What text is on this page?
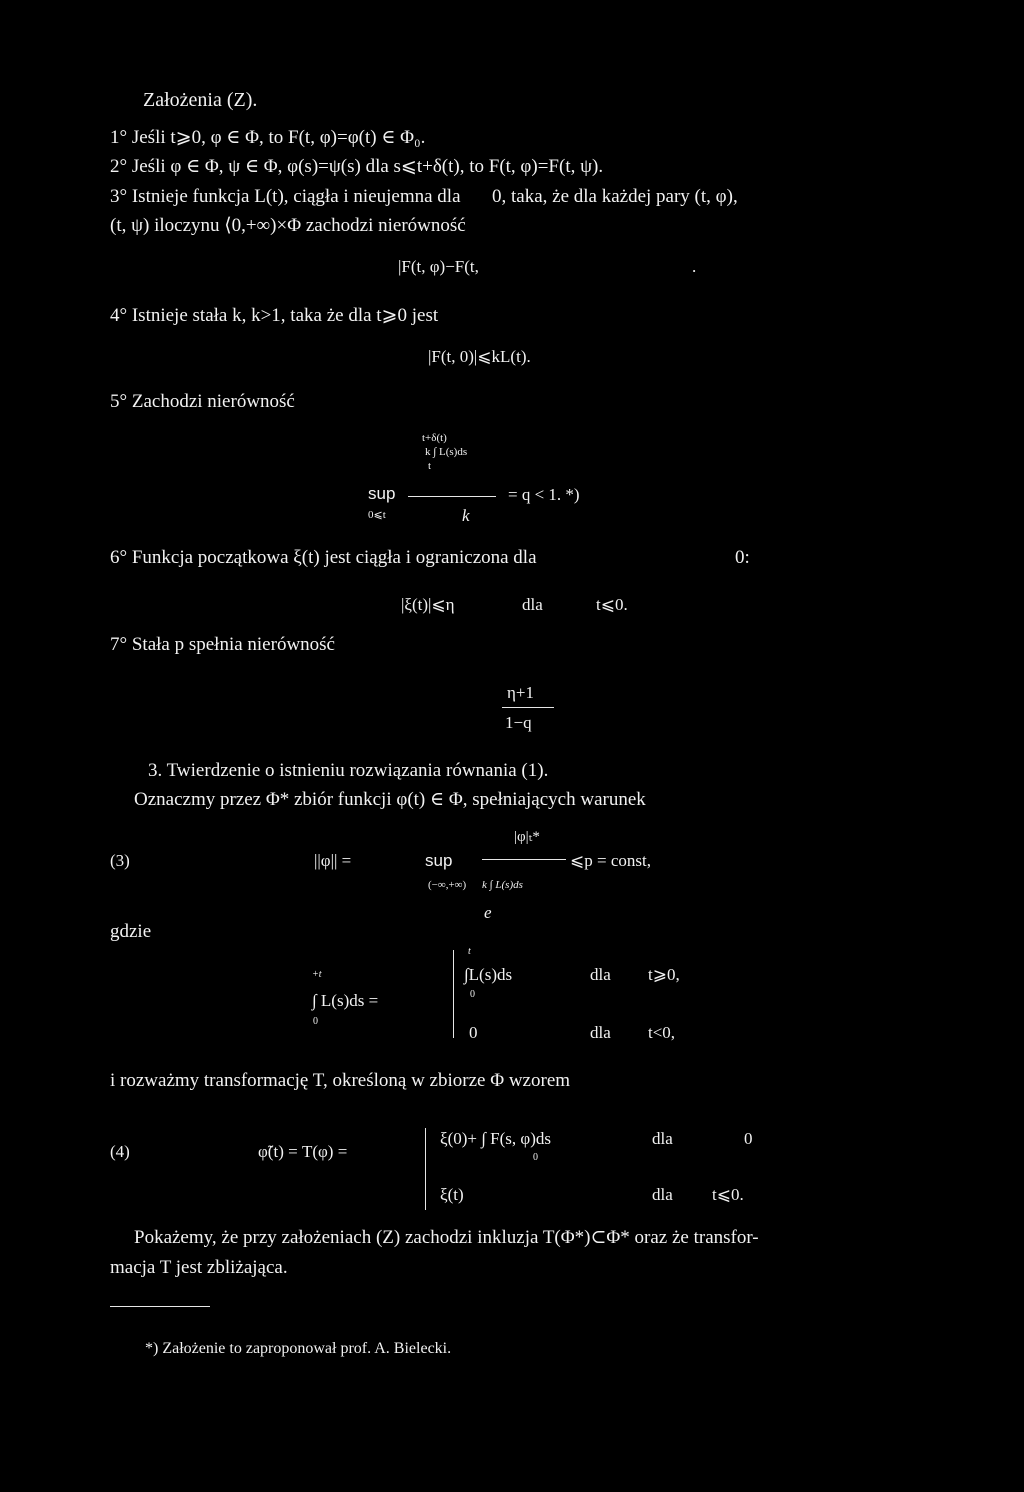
Założenia (Z).
1° Jeśli t⩾0, φ ∈ Φ, to F(t, φ)=φ(t) ∈ Φ₀.
2° Jeśli φ ∈ Φ, ψ ∈ Φ, φ(s)=ψ(s) dla s⩽t+δ(t), to F(t, φ)=F(t, ψ).
3° Istnieje funkcja L(t), ciągła i nieujemna dla 0, taka, że dla każdej pary (t, φ),
(t, ψ) iloczynu ⟨0,+∞)×Φ zachodzi nierówność
|F(t, φ)−F(t,	.
4° Istnieje stała k, k>1, taka że dla t⩾0 jest
|F(t, 0)|⩽kL(t).
5° Zachodzi nierówność
t+δ(t)
k ∫ L(s)ds
t
sup	= q < 1. *)
0⩽t	k
6° Funkcja początkowa ξ(t) jest ciągła i ograniczona dla	0:
|ξ(t)|⩽η	dla	t⩽0.
7° Stała p spełnia nierówność
η+1
1−q
3. Twierdzenie o istnieniu rozwiązania równania (1).
Oznaczmy przez Φ* zbiór funkcji φ(t) ∈ Φ, spełniających warunek
(3)	||φ|| =	sup
|φ|ₜ*
⩽p = const,
(−∞,+∞) k ∫ L(s)ds
e
gdzie
+t
∫ L(s)ds =
0
t
∫L(s)ds
0
dla t⩾0,
0	dla t<0,
i rozważmy transformację T, określoną w zbiorze Φ wzorem
(4)	φ̃(t) = T(φ) =
ξ(0)+ ∫ F(s, φ)ds
0
dla	0
ξ(t)	dla t⩽0.
Pokażemy, że przy założeniach (Z) zachodzi inkluzja T(Φ*)⊂Φ* oraz że transfor-
macja T jest zbliżająca.
*) Założenie to zaproponował prof. A. Bielecki.
